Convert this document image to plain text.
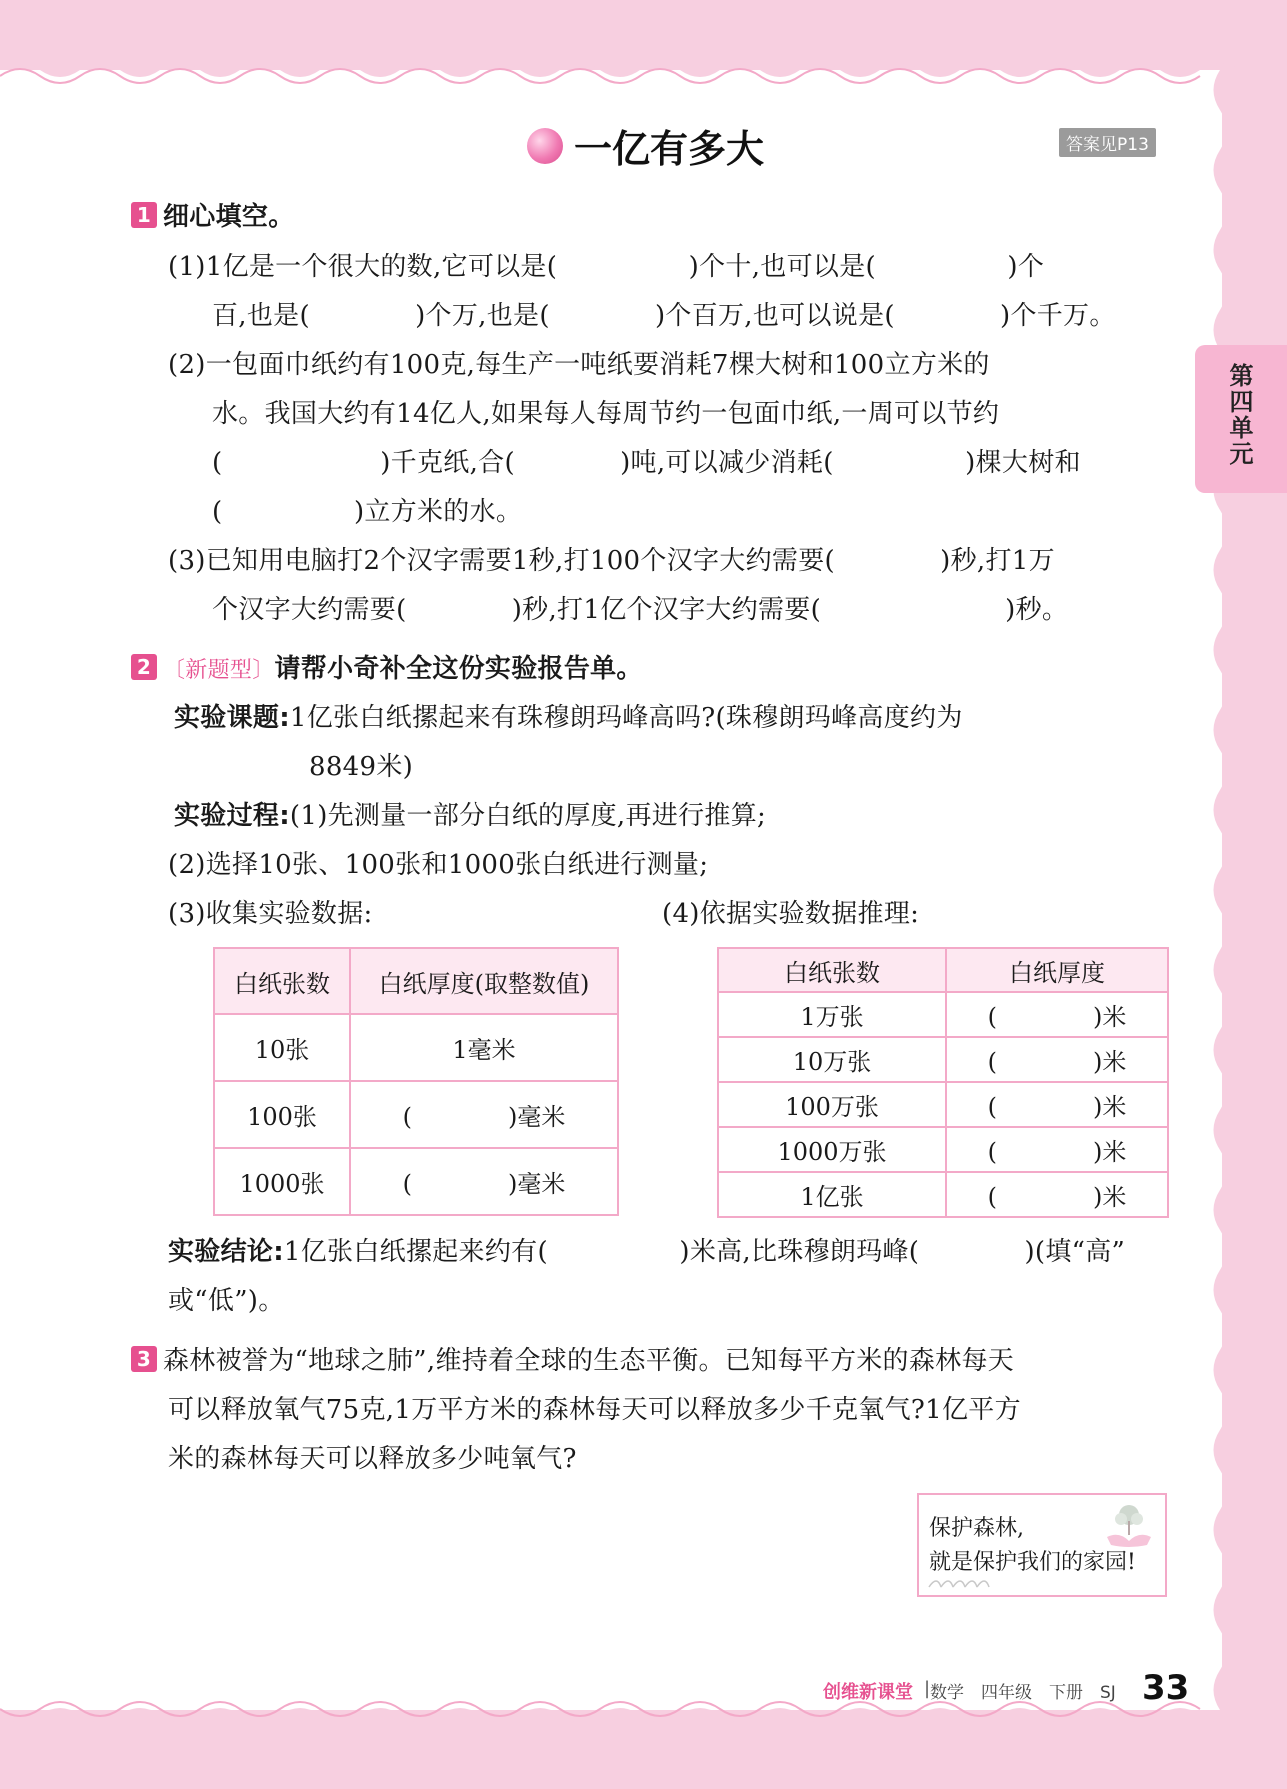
一亿有多大	答案见P13
第四单元
1 细心填空。
(1)1亿是一个很大的数,它可以是(　　　　　)个十,也可以是(　　　　　)个
百,也是(　　　　)个万,也是(　　　　)个百万,也可以说是(　　　　)个千万。
(2)一包面巾纸约有100克,每生产一吨纸要消耗7棵大树和100立方米的
水。我国大约有14亿人,如果每人每周节约一包面巾纸,一周可以节约
(　　　　　　)千克纸,合(　　　　)吨,可以减少消耗(　　　　　)棵大树和
(　　　　　)立方米的水。
(3)已知用电脑打2个汉字需要1秒,打100个汉字大约需要(　　　　)秒,打1万
个汉字大约需要(　　　　)秒,打1亿个汉字大约需要(　　　　　　　)秒。
2 〔新题型〕请帮小奇补全这份实验报告单。
实验课题:1亿张白纸摞起来有珠穆朗玛峰高吗?(珠穆朗玛峰高度约为
8849米)
实验过程:(1)先测量一部分白纸的厚度,再进行推算;
(2)选择10张、100张和1000张白纸进行测量;
(3)收集实验数据:	(4)依据实验数据推理:
白纸张数	白纸厚度(取整数值)
10张	1毫米
100张	(　　　　)毫米
1000张	(　　　　)毫米
白纸张数	白纸厚度
1万张	(　　　　)米
10万张	(　　　　)米
100万张	(　　　　)米
1000万张	(　　　　)米
1亿张	(　　　　)米
实验结论:1亿张白纸摞起来约有(　　　　　)米高,比珠穆朗玛峰(　　　　)(填“高”
或“低”)。
3 森林被誉为“地球之肺”,维持着全球的生态平衡。已知每平方米的森林每天
可以释放氧气75克,1万平方米的森林每天可以释放多少千克氧气?1亿平方
米的森林每天可以释放多少吨氧气?
保护森林,
就是保护我们的家园!
创维新课堂 | 数学　四年级　下册　SJ 33
